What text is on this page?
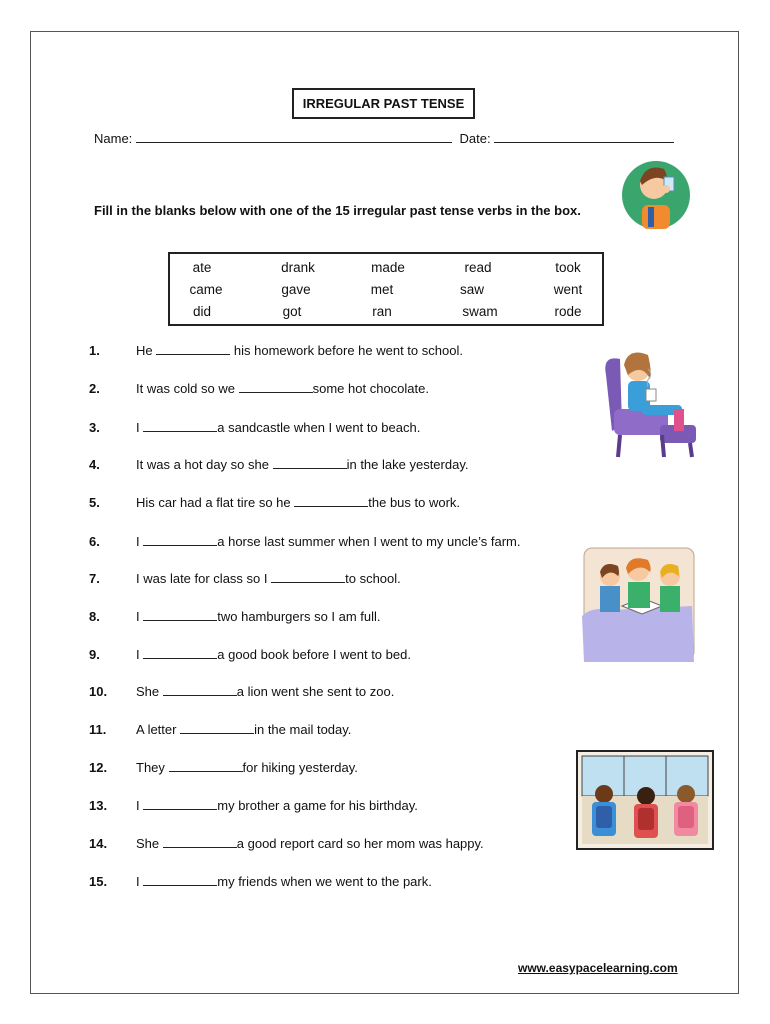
IRREGULAR PAST TENSE
Name:	Date:
Fill in the blanks below with one of the 15 irregular past tense verbs in the box.
ate	drank	made	read	took
came	gave	met	saw	went
did	got	ran	swam	rode
1.	He	his homework before he went to school.
2.	It was cold so we	some hot chocolate.
3.	I	a sandcastle when I went to beach.
4.	It was a hot day so she	in the lake yesterday.
5.	His car had a flat tire so he	the bus to work.
6.	I	a horse last summer when I went to my uncle’s farm.
7.	I was late for class so I	to school.
8.	I	two hamburgers so I am full.
9.	I	a good book before I went to bed.
10. She	a lion went she sent to zoo.
11. A letter	in the mail today.
12. They	for hiking yesterday.
13. I	my brother a game for his birthday.
14. She	a good report card so her mom was happy.
15. I	my friends when we went to the park.
www.easypacelearning.com
